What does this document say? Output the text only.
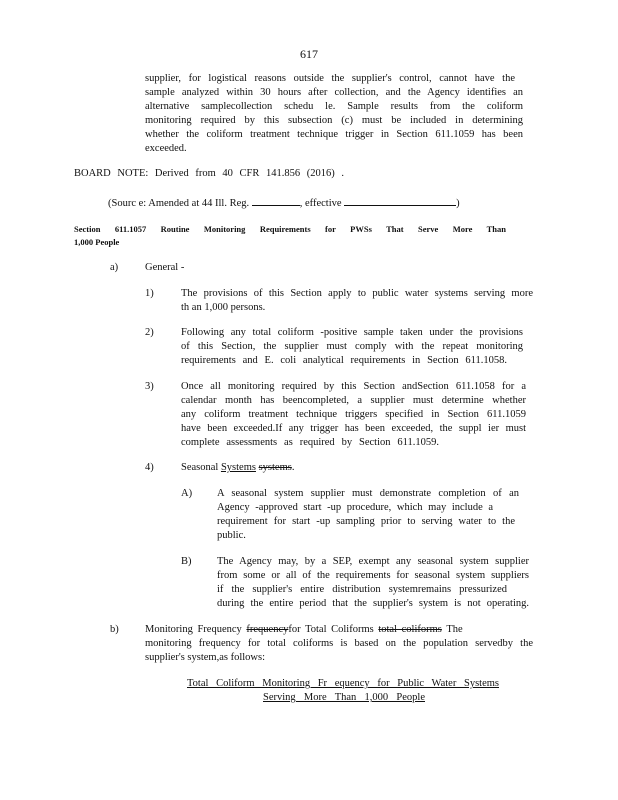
617
supplier, for logistical reasons outside the supplier's control, cannot have the
sample analyzed within 30 hours after collection, and the Agency identifies an
alternative samplecollection schedu le. Sample results from the coliform
monitoring required by this subsection (c) must be included in determining
whether the coliform treatment technique trigger in Section 611.1059 has been
exceeded.
BOARD NOTE: Derived from 40 CFR 141.856 (2016) .
(Sourc e: Amended at 44 Ill. Reg.	, effective	)
Section 611.1057 Routine Monitoring Requirements for PWSs That Serve More Than
1,000 People
a)	General -
1)	The provisions of this Section apply to public water systems serving more
th an 1,000 persons.
2)	Following any total coliform -positive sample taken under the provisions
of this Section, the supplier must comply with the repeat monitoring
requirements and E. coli analytical requirements in Section 611.1058.
3)	Once all monitoring required by this Section andSection 611.1058 for a
calendar month has beencompleted, a supplier must determine whether
any coliform treatment technique triggers specified in Section 611.1059
have been exceeded.If any trigger has been exceeded, the suppl ier must
complete assessments as required by Section 611.1059.
4)	Seasonal Systems systems.
A) A seasonal system supplier must demonstrate completion of an
Agency -approved start -up procedure, which may include a
requirement for start -up sampling prior to serving water to the
public.
B) The Agency may, by a SEP, exempt any seasonal system supplier
from some or all of the requirements for seasonal system suppliers
if the supplier's entire distribution systemremains pressurized
during the entire period that the supplier's system is not operating.
b)	Monitoring Frequency frequencyfor Total Coliforms total coliforms The
monitoring frequency for total coliforms is based on the population servedby the
supplier's system,as follows:
Total Coliform Monitoring Fr equency for Public Water Systems
Serving More Than 1,000 People
